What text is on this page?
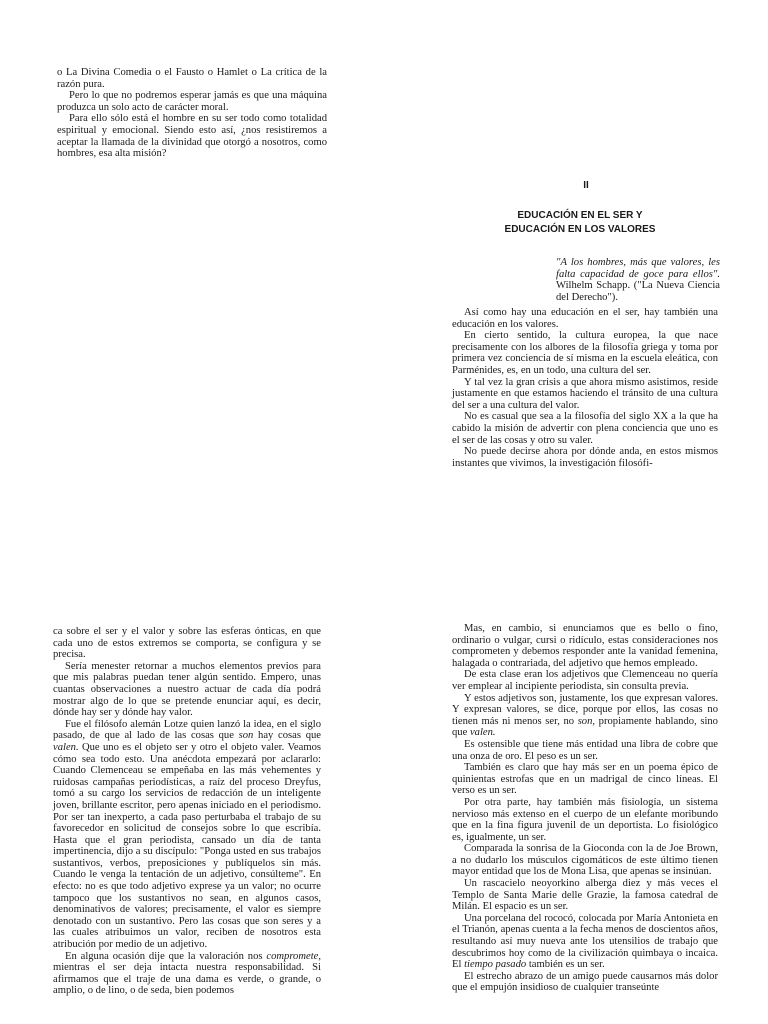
o La Divina Comedia o el Fausto o Hamlet o La crítica de la razón pura.

Pero lo que no podremos esperar jamás es que una máquina produzca un solo acto de carácter moral.

Para ello sólo está el hombre en su ser todo como totalidad espiritual y emocional. Siendo esto así, ¿nos resistiremos a aceptar la llamada de la divinidad que otorgó a nosotros, como hombres, esa alta misión?

II
EDUCACIÓN EN EL SER Y
EDUCACIÓN EN LOS VALORES
"A los hombres, más que valores, les falta capacidad de goce para ellos". Wilhelm Schapp. ("La Nueva Ciencia del Derecho").

Así como hay una educación en el ser, hay también una educación en los valores.

En cierto sentido, la cultura europea, la que nace precisamente con los albores de la filosofía griega y toma por primera vez conciencia de sí misma en la escuela eleática, con Parménides, es, en un todo, una cultura del ser.

Y tal vez la gran crisis a que ahora mismo asistimos, reside justamente en que estamos haciendo el tránsito de una cultura del ser a una cultura del valor.

No es casual que sea a la filosofía del siglo XX a la que ha cabido la misión de advertir con plena conciencia que uno es el ser de las cosas y otro su valer.

No puede decirse ahora por dónde anda, en estos mismos instantes que vivimos, la investigación filosófi-

ca sobre el ser y el valor y sobre las esferas ónticas, en que cada uno de estos extremos se comporta, se configura y se precisa.

Sería menester retornar a muchos elementos previos para que mis palabras puedan tener algún sentido. Empero, unas cuantas observaciones a nuestro actuar de cada día podrá mostrar algo de lo que se pretende enunciar aquí, es decir, dónde hay ser y dónde hay valor.

Fue el filósofo alemán Lotze quien lanzó la idea, en el siglo pasado, de que al lado de las cosas que son hay cosas que valen. Que uno es el objeto ser y otro el objeto valer. Veamos cómo sea todo esto. Una anécdota empezará por aclararlo: Cuando Clemenceau se empeñaba en las más vehementes y ruidosas campañas periodísticas, a raíz del proceso Dreyfus, tomó a su cargo los servicios de redacción de un inteligente joven, brillante escritor, pero apenas iniciado en el periodismo. Por ser tan inexperto, a cada paso perturbaba el trabajo de su favorecedor en solicitud de consejos sobre lo que escribía. Hasta que el gran periodista, cansado un día de tanta impertinencia, dijo a su discípulo: "Ponga usted en sus trabajos sustantivos, verbos, preposiciones y publíquelos sin más. Cuando le venga la tentación de un adjetivo, consúlteme". En efecto: no es que todo adjetivo exprese ya un valor; no ocurre tampoco que los sustantivos no sean, en algunos casos, denominativos de valores; precisamente, el valor es siempre denotado con un sustantivo. Pero las cosas que son seres y a las cuales atribuimos un valor, reciben de nosotros esta atribución por medio de un adjetivo.

En alguna ocasión dije que la valoración nos compromete, mientras el ser deja intacta nuestra responsabilidad. Si afirmamos que el traje de una dama es verde, o grande, o amplio, o de lino, o de seda, bien podemos

Mas, en cambio, si enunciamos que es bello o fino, ordinario o vulgar, cursi o ridículo, estas consideraciones nos comprometen y debemos responder ante la vanidad femenina, halagada o contrariada, del adjetivo que hemos empleado.

De esta clase eran los adjetivos que Clemenceau no quería ver emplear al incipiente periodista, sin consulta previa.

Y estos adjetivos son, justamente, los que expresan valores. Y expresan valores, se dice, porque por ellos, las cosas no tienen más ni menos ser, no son, propiamente hablando, sino que valen.

Es ostensible que tiene más entidad una libra de cobre que una onza de oro. El peso es un ser.

También es claro que hay más ser en un poema épico de quinientas estrofas que en un madrigal de cinco líneas. El verso es un ser.

Por otra parte, hay también más fisiología, un sistema nervioso más extenso en el cuerpo de un elefante moribundo que en la fina figura juvenil de un deportista. Lo fisiológico es, igualmente, un ser.

Comparada la sonrisa de la Gioconda con la de Joe Brown, a no dudarlo los músculos cigomáticos de este último tienen mayor entidad que los de Mona Lisa, que apenas se insinúan.

Un rascacielo neoyorkino alberga diez y más veces el Templo de Santa Marie delle Grazie, la famosa catedral de Milán. El espacio es un ser.

Una porcelana del rococó, colocada por María Antonieta en el Trianón, apenas cuenta a la fecha menos de doscientos años, resultando así muy nueva ante los utensilios de trabajo que descubrimos hoy como de la civilización quimbaya o incaica. El tiempo pasado también es un ser.

El estrecho abrazo de un amigo puede causarnos más dolor que el empujón insidioso de cualquier transeúnte
